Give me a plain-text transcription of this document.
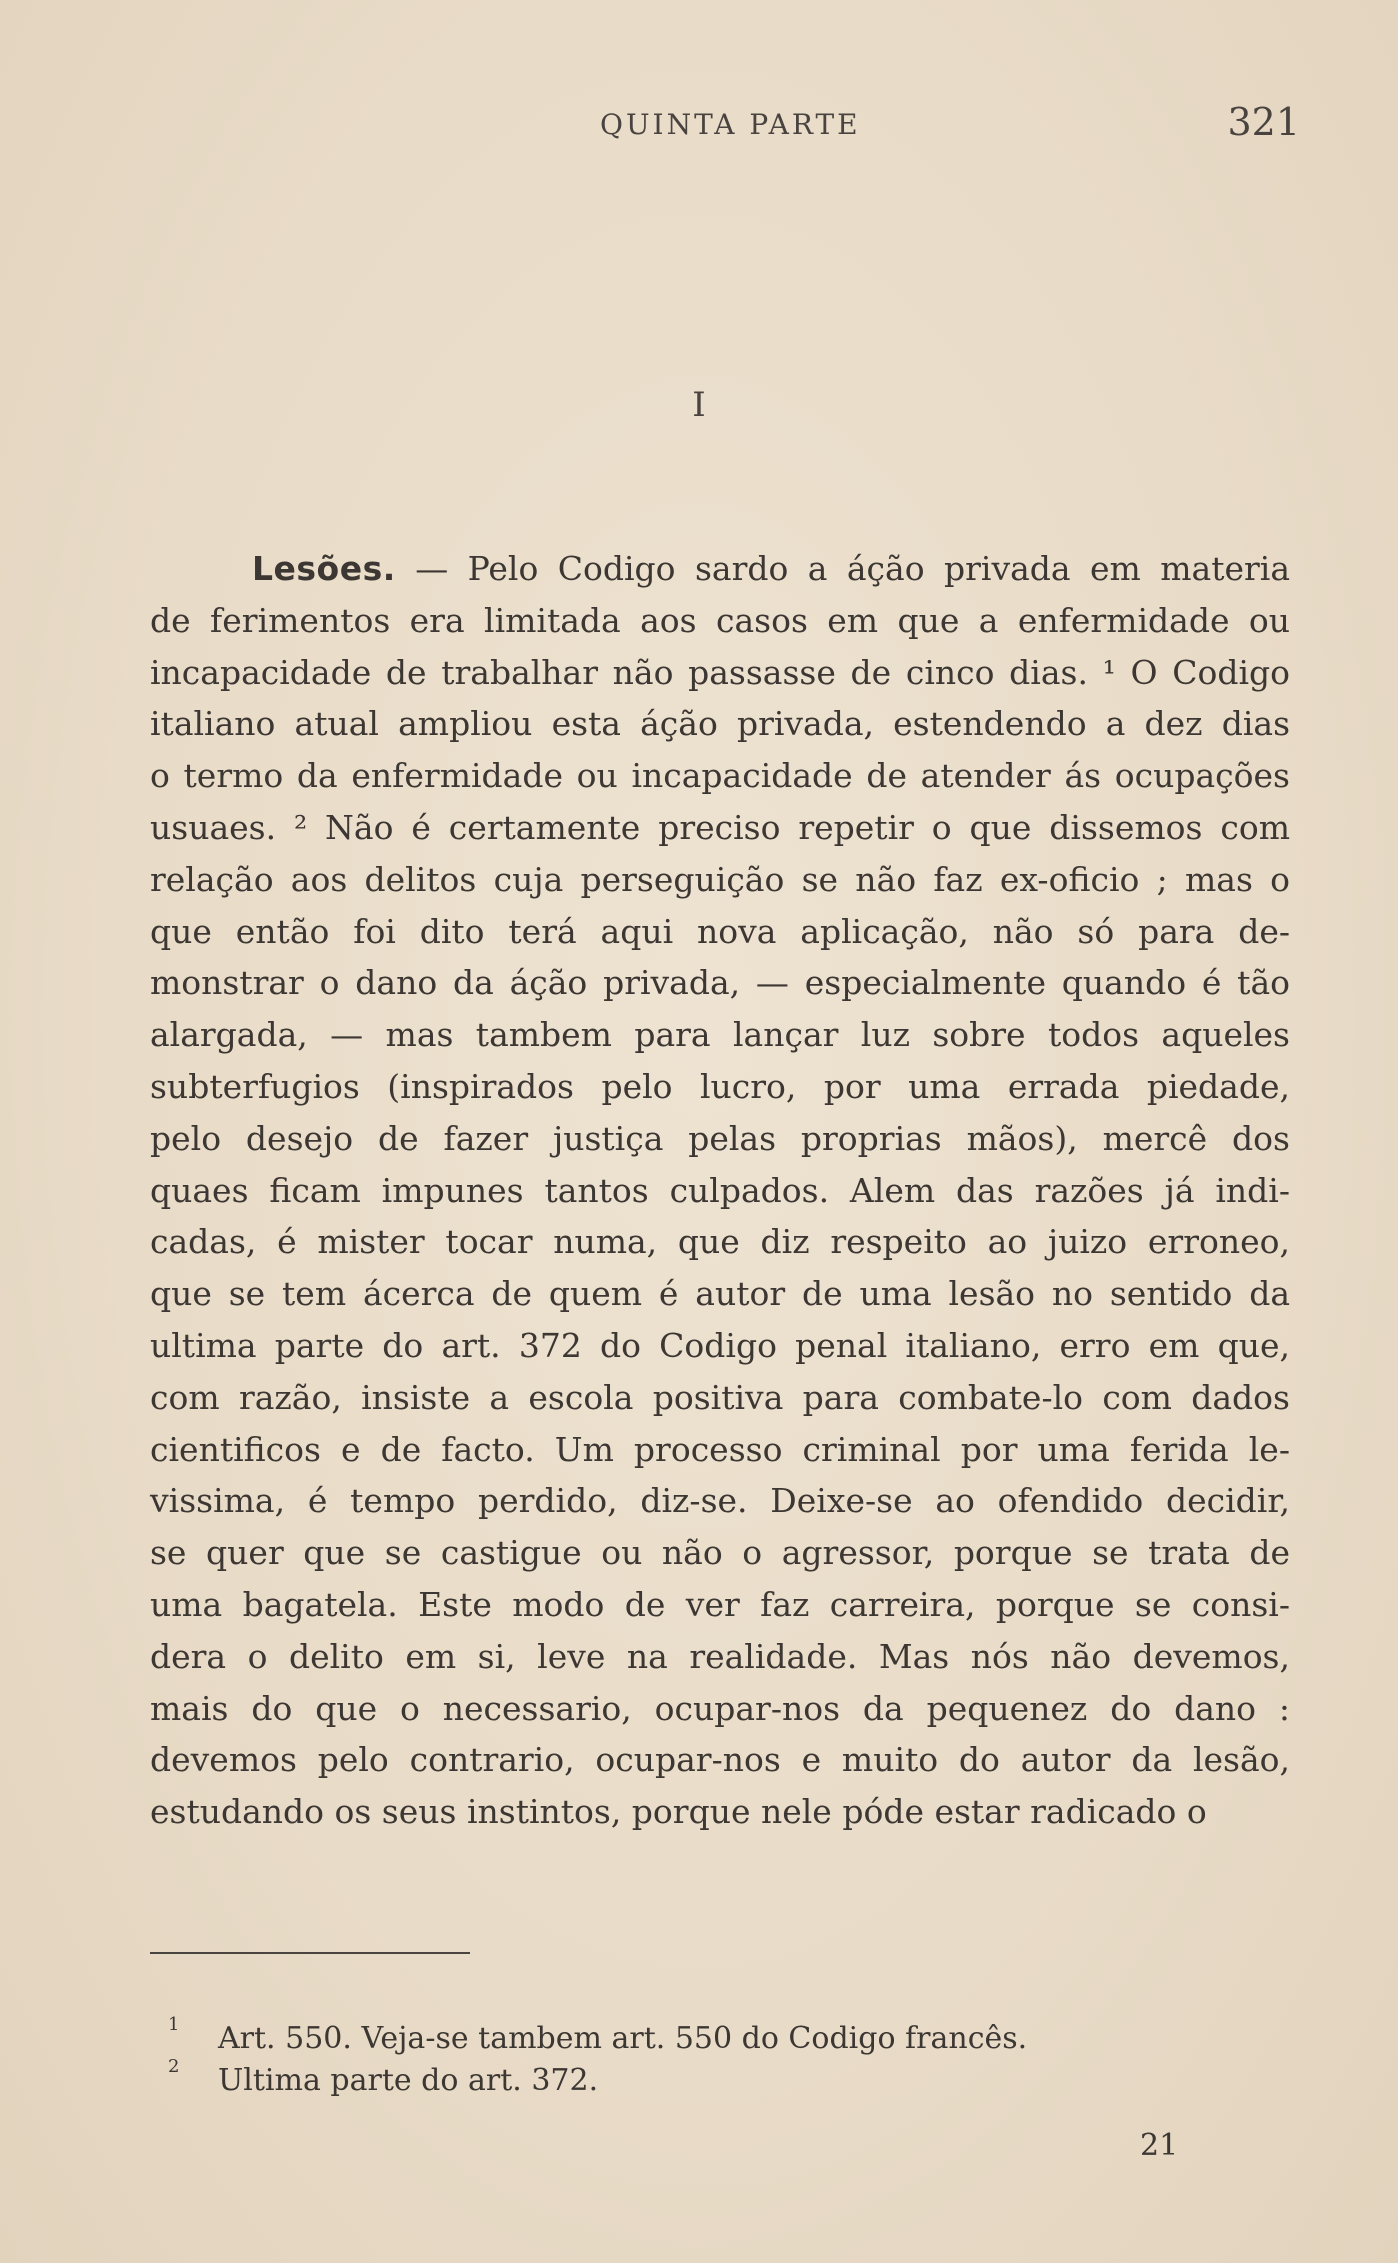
QUINTA PARTE	321
I
Lesões. — Pelo Codigo sardo a áção privada em materia
de ferimentos era limitada aos casos em que a enfermidade ou
incapacidade de trabalhar não passasse de cinco dias. ¹ O Codigo
italiano atual ampliou esta áção privada, estendendo a dez dias
o termo da enfermidade ou incapacidade de atender ás ocupações
usuaes. ² Não é certamente preciso repetir o que dissemos com
relação aos delitos cuja perseguição se não faz ex-oficio ; mas o
que então foi dito terá aqui nova aplicação, não só para de-
monstrar o dano da áção privada, — especialmente quando é tão
alargada, — mas tambem para lançar luz sobre todos aqueles
subterfugios (inspirados pelo lucro, por uma errada piedade,
pelo desejo de fazer justiça pelas proprias mãos), mercê dos
quaes ficam impunes tantos culpados. Alem das razões já indi-
cadas, é mister tocar numa, que diz respeito ao juizo erroneo,
que se tem ácerca de quem é autor de uma lesão no sentido da
ultima parte do art. 372 do Codigo penal italiano, erro em que,
com razão, insiste a escola positiva para combate-lo com dados
cientificos e de facto. Um processo criminal por uma ferida le-
vissima, é tempo perdido, diz-se. Deixe-se ao ofendido decidir,
se quer que se castigue ou não o agressor, porque se trata de
uma bagatela. Este modo de ver faz carreira, porque se consi-
dera o delito em si, leve na realidade. Mas nós não devemos,
mais do que o necessario, ocupar-nos da pequenez do dano :
devemos pelo contrario, ocupar-nos e muito do autor da lesão,
estudando os seus instintos, porque nele póde estar radicado o
1 Art. 550. Veja-se tambem art. 550 do Codigo francês.
2 Ultima parte do art. 372.
21
